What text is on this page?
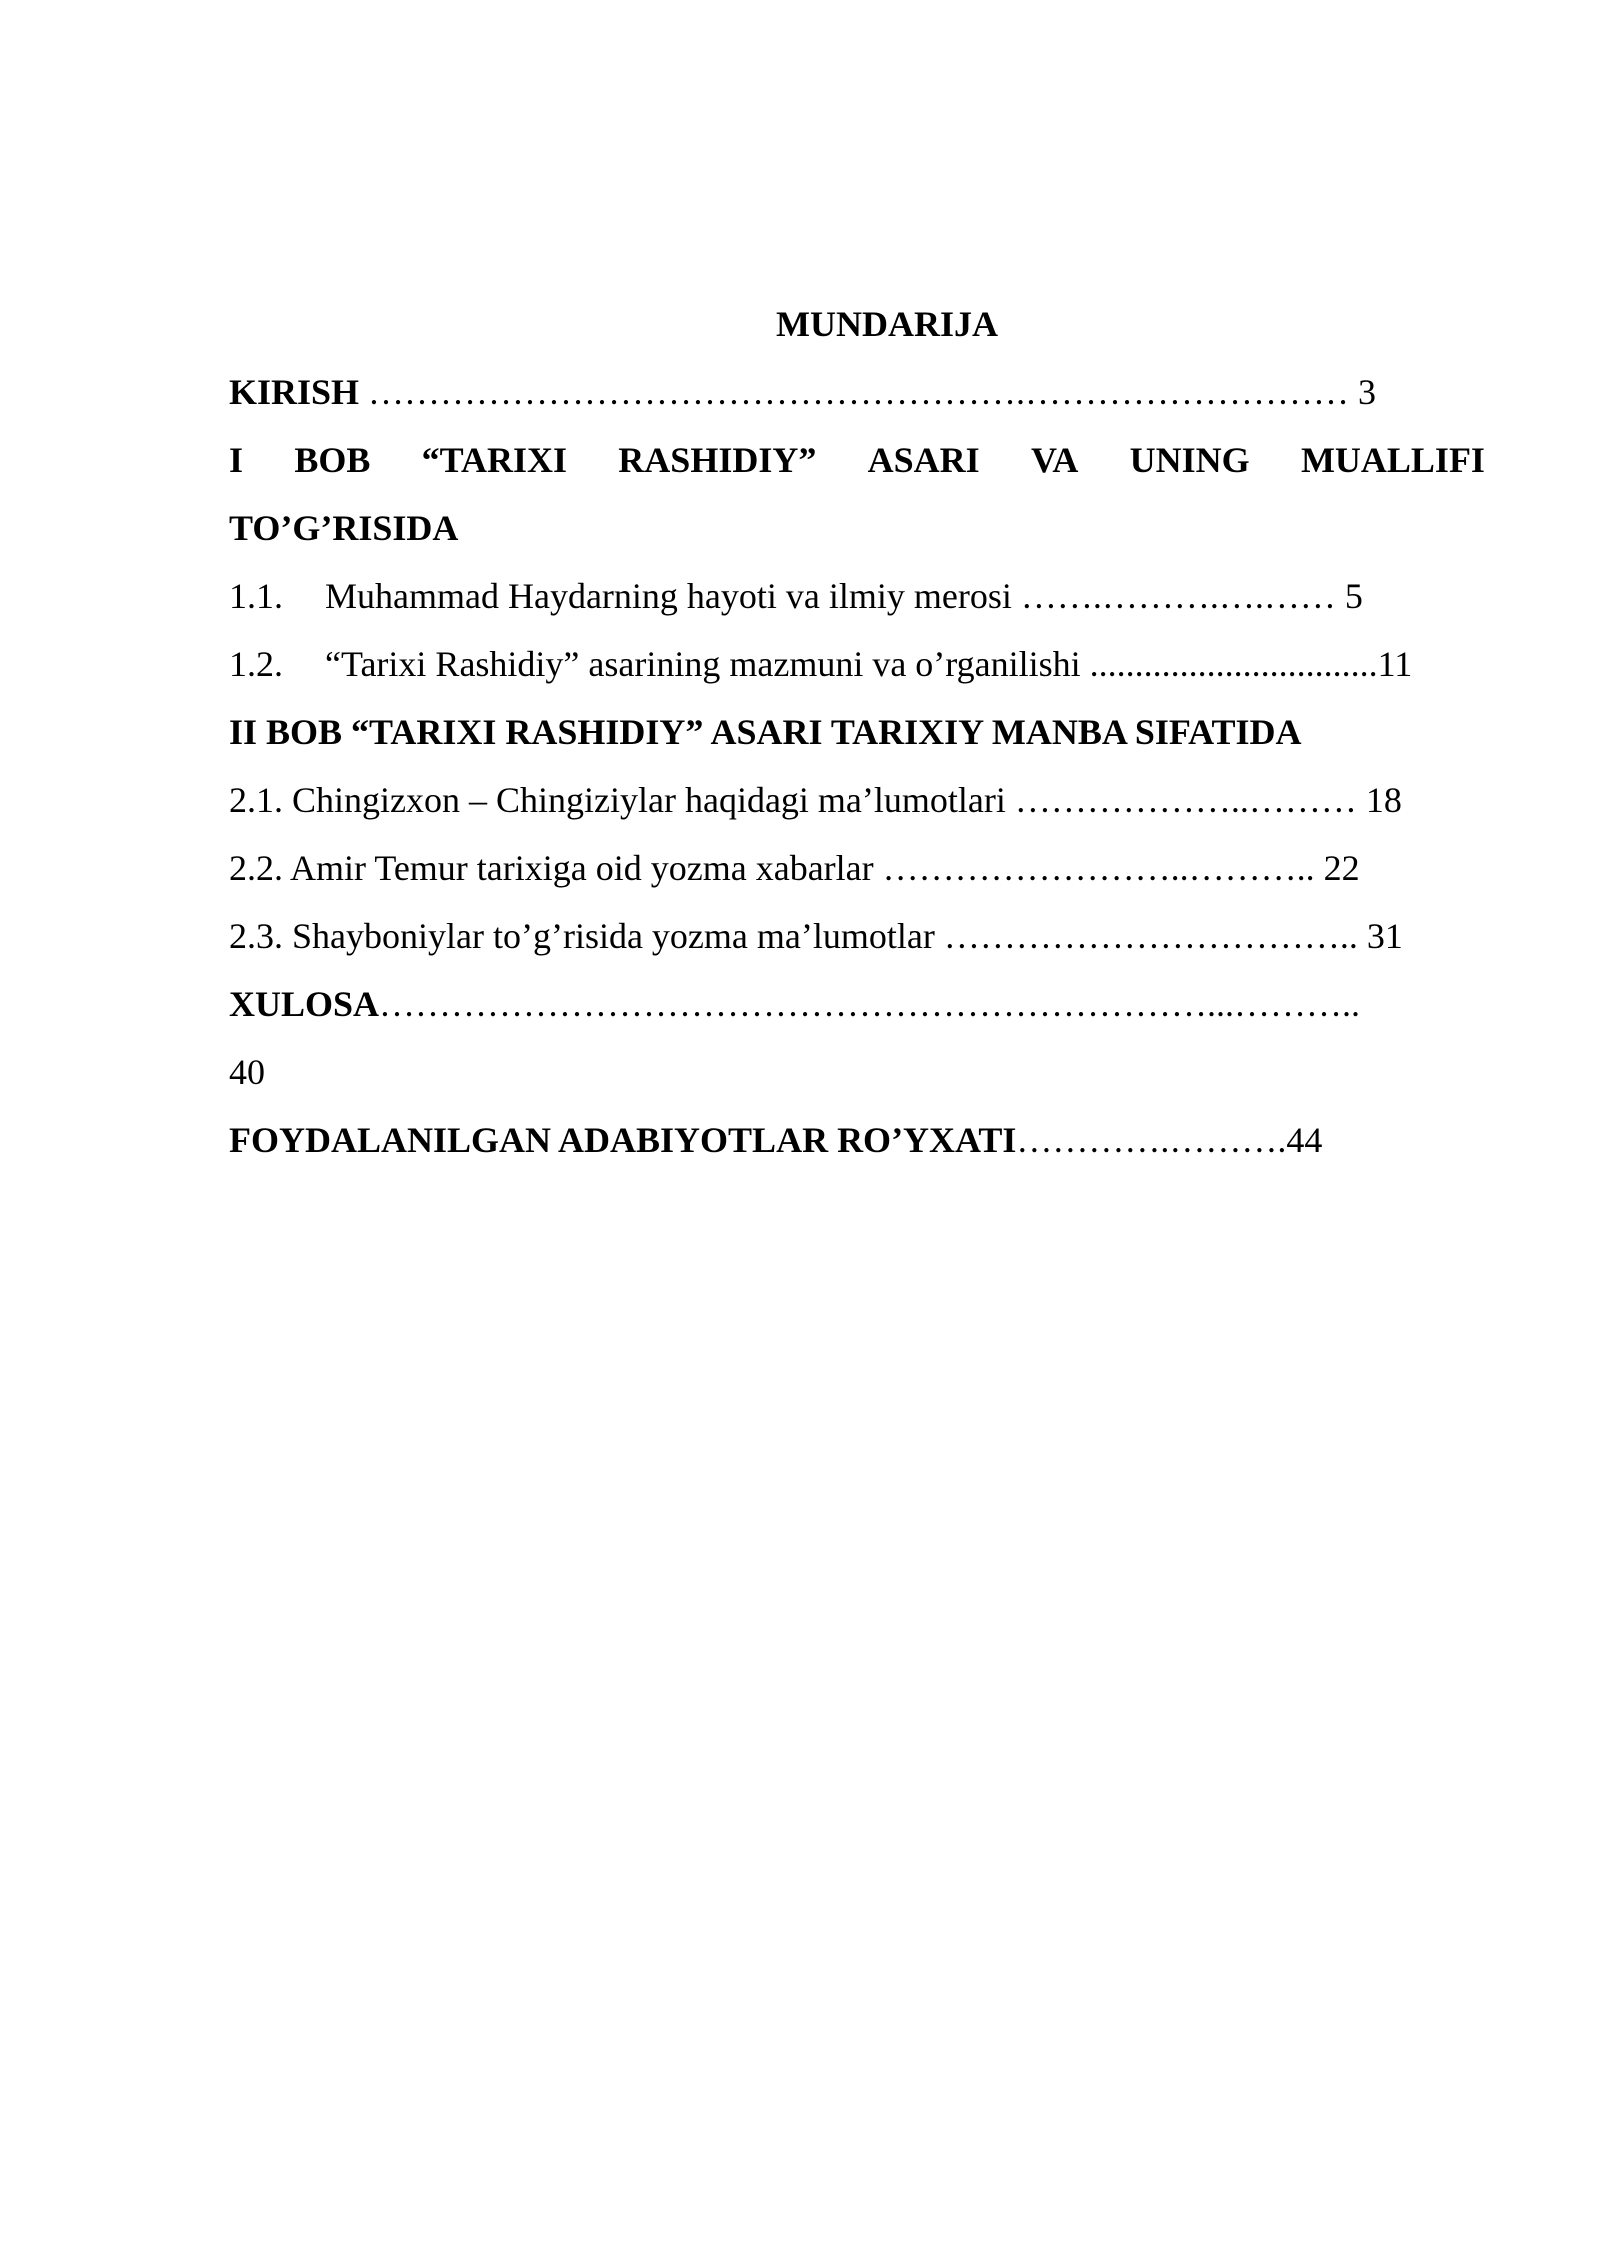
MUNDARIJA
KIRISH ……………………………………………….……………………… 3
I BOB “TARIXI RASHIDIY” ASARI VA UNING MUALLIFI
TO’G’RISIDA
1.1. Muhammad Haydarning hayoti va ilmiy merosi …….……….….…… 5
1.2. “Tarixi Rashidiy” asarining mazmuni va o’rganilishi ................................11
II BOB “TARIXI RASHIDIY” ASARI TARIXIY MANBA SIFATIDA
2.1. Chingizxon – Chingiziylar haqidagi ma’lumotlari ………………..……… 18
2.2. Amir Temur tarixiga oid yozma xabarlar ……………………..……….. 22
2.3. Shayboniylar to’g’risida yozma ma’lumotlar …………………………….. 31
XULOSA……………………………………………………………...………..
40
FOYDALANILGAN ADABIYOTLAR RO’YXATI………….……….44
